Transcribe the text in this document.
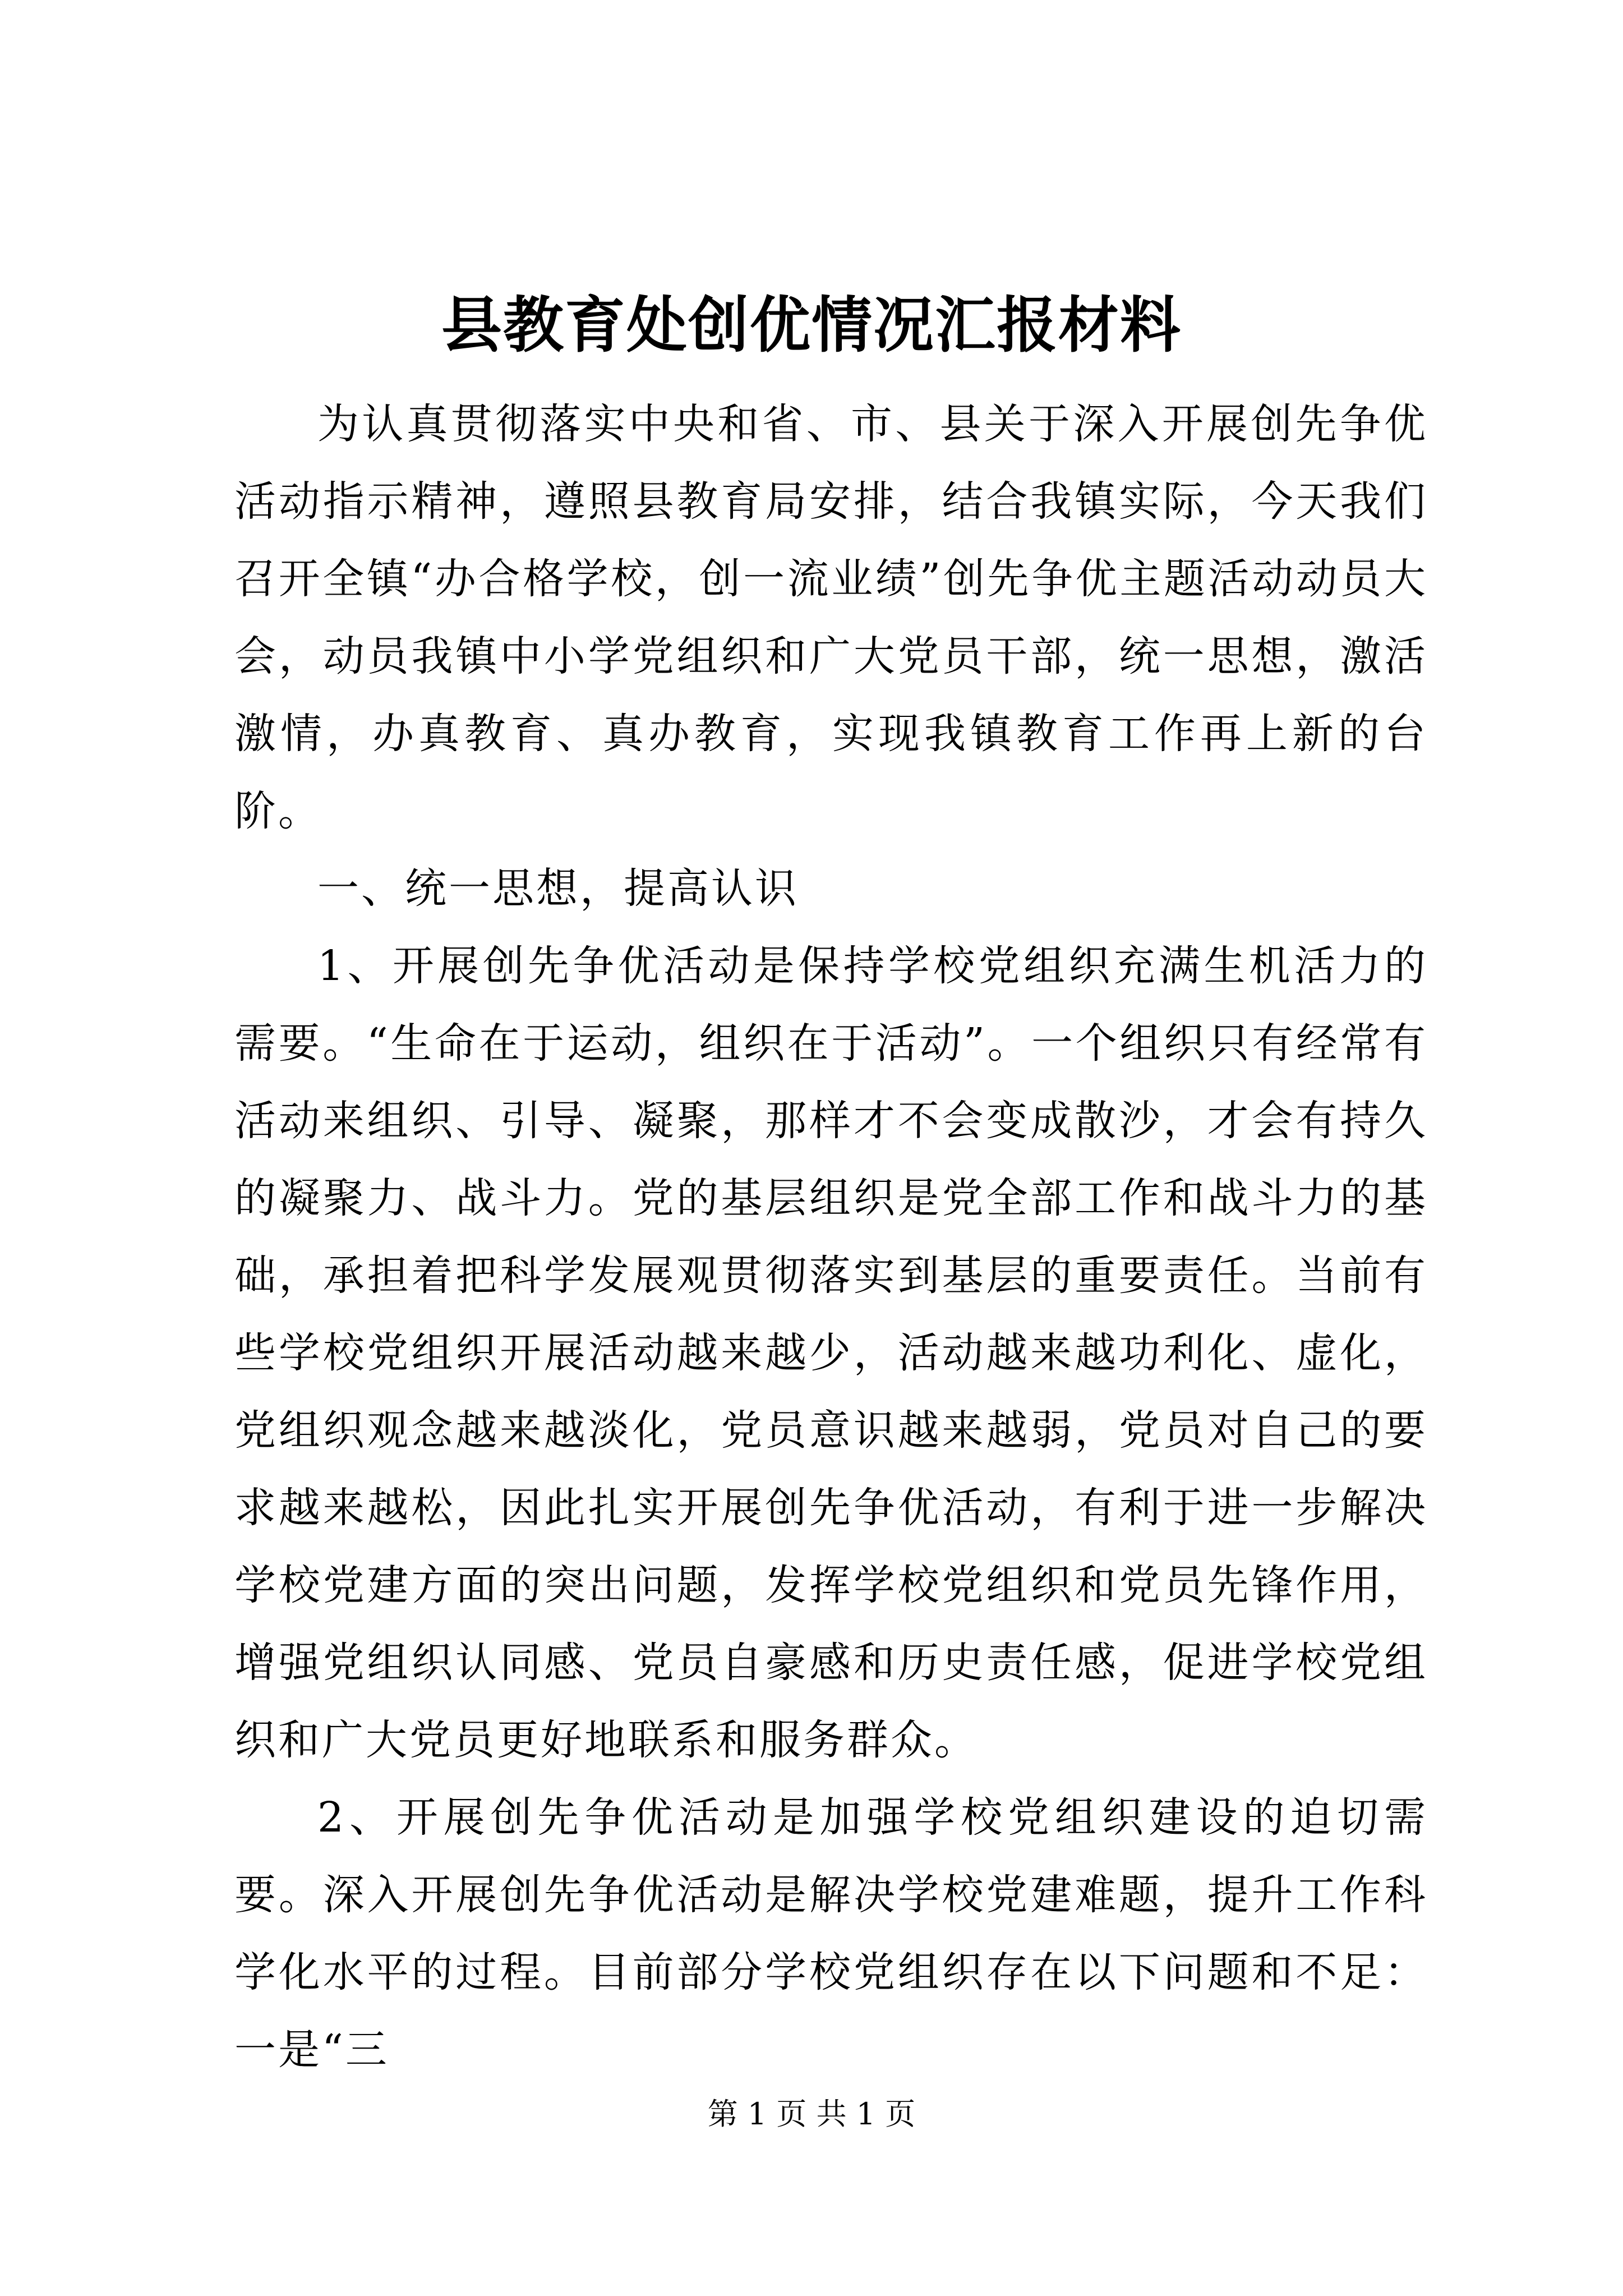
县教育处创优情况汇报材料

为认真贯彻落实中央和省、市、县关于深入开展创先争优活动指示精神，遵照县教育局安排，结合我镇实际，今天我们召开全镇“办合格学校，创一流业绩”创先争优主题活动动员大会，动员我镇中小学党组织和广大党员干部，统一思想，激活激情，办真教育、真办教育，实现我镇教育工作再上新的台阶。

一、统一思想，提高认识

1、开展创先争优活动是保持学校党组织充满生机活力的需要。“生命在于运动，组织在于活动”。一个组织只有经常有活动来组织、引导、凝聚，那样才不会变成散沙，才会有持久的凝聚力、战斗力。党的基层组织是党全部工作和战斗力的基础，承担着把科学发展观贯彻落实到基层的重要责任。当前有些学校党组织开展活动越来越少，活动越来越功利化、虚化，党组织观念越来越淡化，党员意识越来越弱，党员对自己的要求越来越松，因此扎实开展创先争优活动，有利于进一步解决学校党建方面的突出问题，发挥学校党组织和党员先锋作用，增强党组织认同感、党员自豪感和历史责任感，促进学校党组织和广大党员更好地联系和服务群众。

2、开展创先争优活动是加强学校党组织建设的迫切需要。深入开展创先争优活动是解决学校党建难题，提升工作科学化水平的过程。目前部分学校党组织存在以下问题和不足：一是“三

第 1 页 共 1 页
